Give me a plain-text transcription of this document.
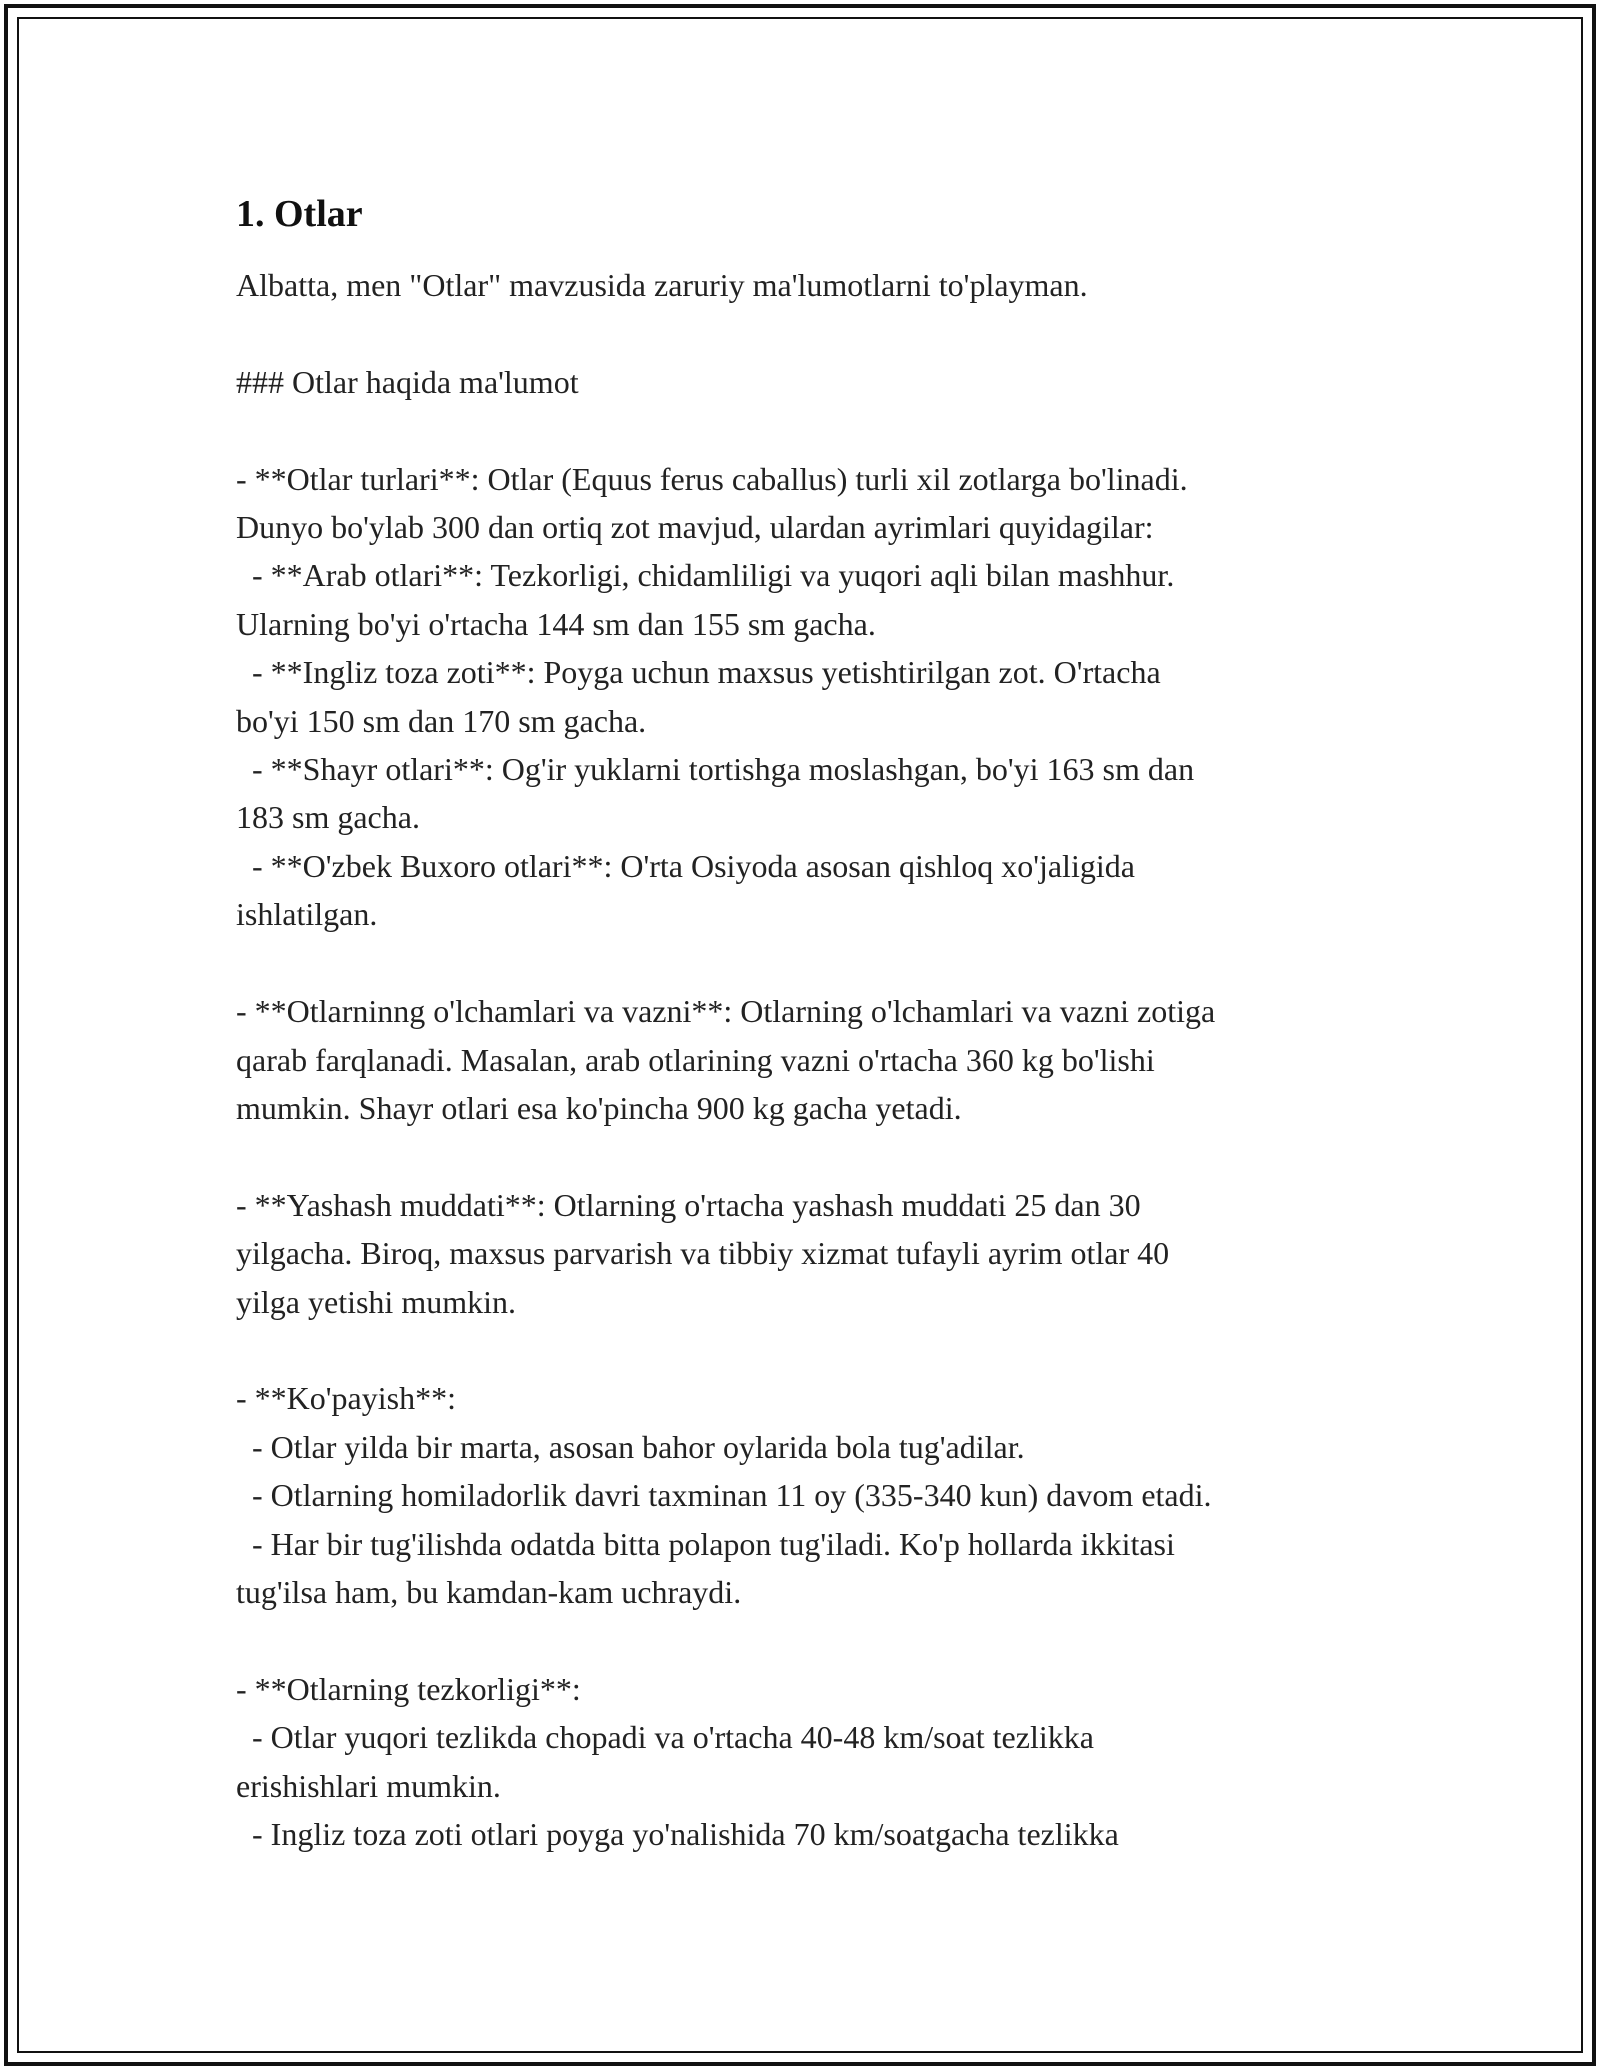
1. Otlar

Albatta, men "Otlar" mavzusida zaruriy ma'lumotlarni to'playman.

### Otlar haqida ma'lumot

- **Otlar turlari**: Otlar (Equus ferus caballus) turli xil zotlarga bo'linadi.
Dunyo bo'ylab 300 dan ortiq zot mavjud, ulardan ayrimlari quyidagilar:
- **Arab otlari**: Tezkorligi, chidamliligi va yuqori aqli bilan mashhur.
Ularning bo'yi o'rtacha 144 sm dan 155 sm gacha.
- **Ingliz toza zoti**: Poyga uchun maxsus yetishtirilgan zot. O'rtacha
bo'yi 150 sm dan 170 sm gacha.
- **Shayr otlari**: Og'ir yuklarni tortishga moslashgan, bo'yi 163 sm dan
183 sm gacha.
- **O'zbek Buxoro otlari**: O'rta Osiyoda asosan qishloq xo'jaligida
ishlatilgan.

- **Otlarninng o'lchamlari va vazni**: Otlarning o'lchamlari va vazni zotiga
qarab farqlanadi. Masalan, arab otlarining vazni o'rtacha 360 kg bo'lishi
mumkin. Shayr otlari esa ko'pincha 900 kg gacha yetadi.

- **Yashash muddati**: Otlarning o'rtacha yashash muddati 25 dan 30
yilgacha. Biroq, maxsus parvarish va tibbiy xizmat tufayli ayrim otlar 40
yilga yetishi mumkin.

- **Ko'payish**:
- Otlar yilda bir marta, asosan bahor oylarida bola tug'adilar.
- Otlarning homiladorlik davri taxminan 11 oy (335-340 kun) davom etadi.
- Har bir tug'ilishda odatda bitta polapon tug'iladi. Ko'p hollarda ikkitasi
tug'ilsa ham, bu kamdan-kam uchraydi.

- **Otlarning tezkorligi**:
- Otlar yuqori tezlikda chopadi va o'rtacha 40-48 km/soat tezlikka
erishishlari mumkin.
- Ingliz toza zoti otlari poyga yo'nalishida 70 km/soatgacha tezlikka
